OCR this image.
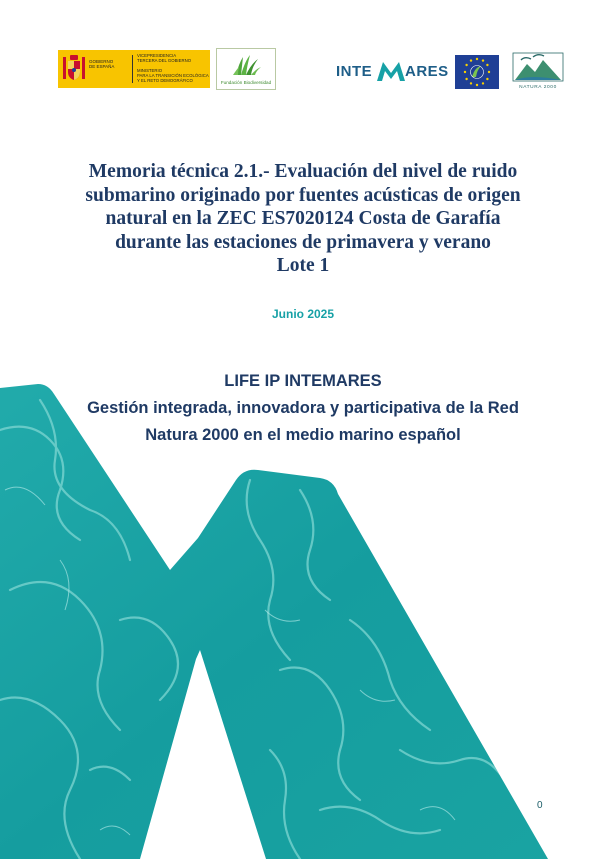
GOBIERNO
DE ESPAÑA
VICEPRESIDENCIA
TERCERA DEL GOBIERNO
MINISTERIO
PARA LA TRANSICIÓN ECOLÓGICA
Y EL RETO DEMOGRÁFICO	Fundación Biodiversidad
INTE ARES
NATURA 2000
Memoria técnica 2.1.- Evaluación del nivel de ruido
submarino originado por fuentes acústicas de origen
natural en la ZEC ES7020124 Costa de Garafía
durante las estaciones de primavera y verano
Lote 1
Junio 2025
LIFE IP INTEMARES
Gestión integrada, innovadora y participativa de la Red
Natura 2000 en el medio marino español
0
